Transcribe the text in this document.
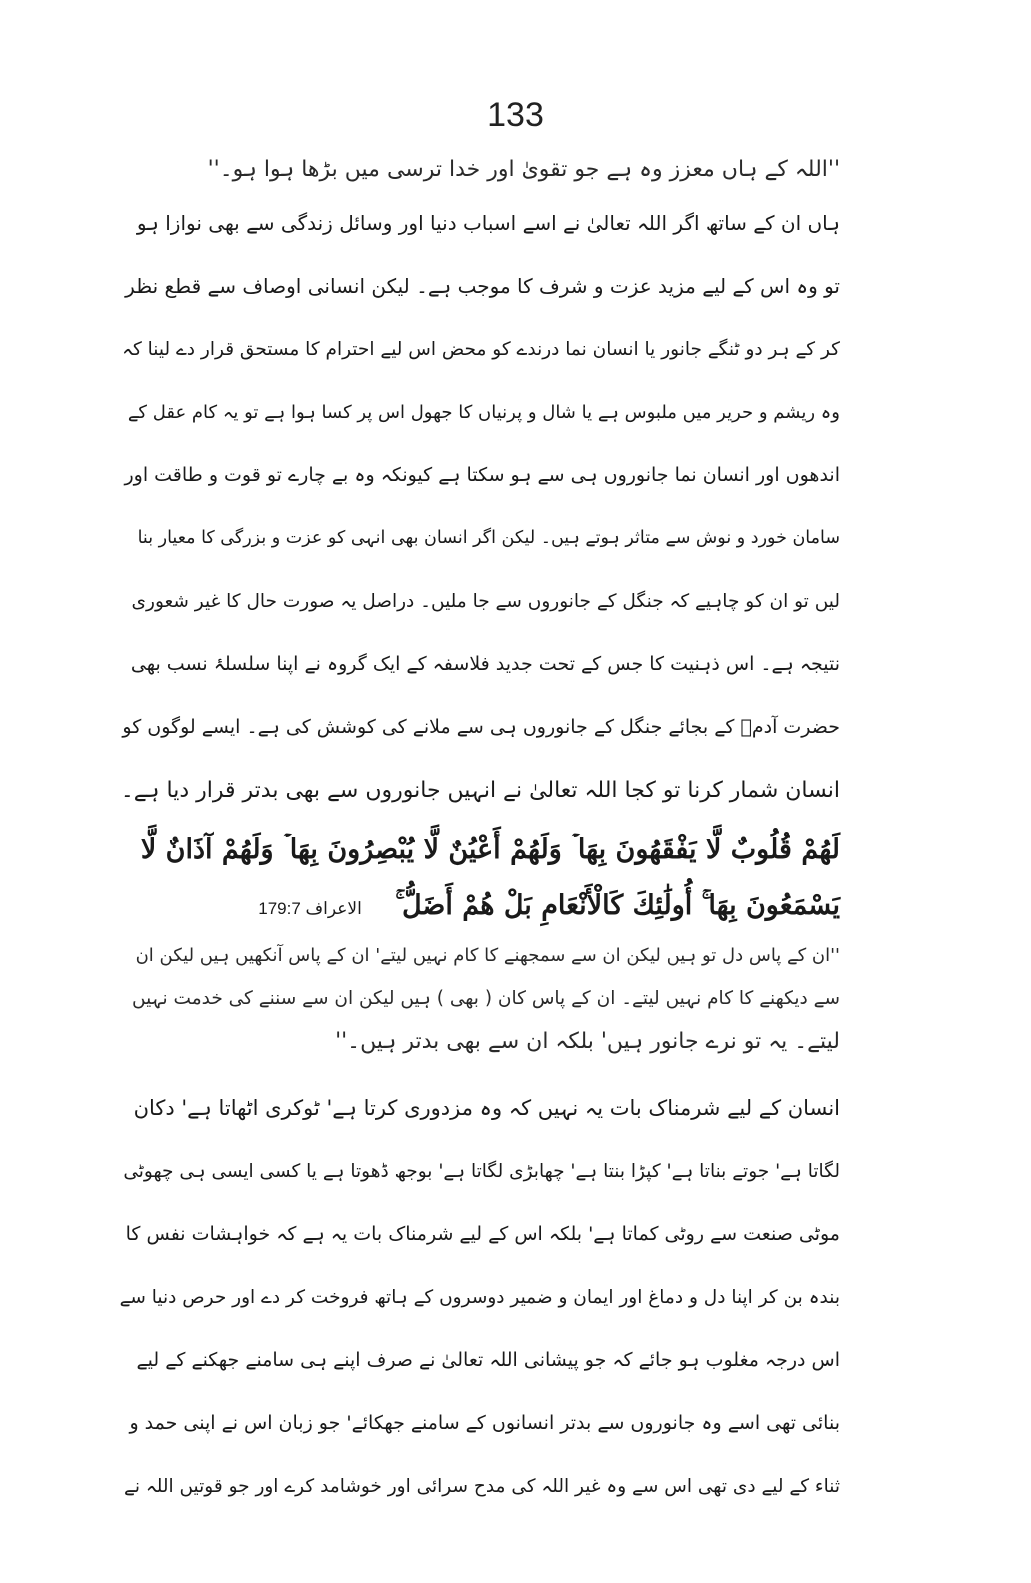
133

''اللہ کے ہاں معزز وہ ہے جو تقویٰ اور خدا ترسی میں بڑھا ہوا ہو۔''

ہاں ان کے ساتھ اگر اللہ تعالیٰ نے اسے اسباب دنیا اور وسائل زندگی سے بھی نوازا ہو

تو وہ اس کے لیے مزید عزت و شرف کا موجب ہے۔ لیکن انسانی اوصاف سے قطع نظر

کر کے ہر دو ٹنگے جانور یا انسان نما درندے کو محض اس لیے احترام کا مستحق قرار دے لینا کہ

وہ ریشم و حریر میں ملبوس ہے یا شال و پرنیاں کا جھول اس پر کسا ہوا ہے تو یہ کام عقل کے

اندھوں اور انسان نما جانوروں ہی سے ہو سکتا ہے کیونکہ وہ بے چارے تو قوت و طاقت اور

سامان خورد و نوش سے متاثر ہوتے ہیں۔ لیکن اگر انسان بھی انہی کو عزت و بزرگی کا معیار بنا

لیں تو ان کو چاہیے کہ جنگل کے جانوروں سے جا ملیں۔ دراصل یہ صورت حال کا غیر شعوری

نتیجہ ہے۔ اس ذہنیت کا جس کے تحت جدید فلاسفہ کے ایک گروہ نے اپنا سلسلۂ نسب بھی

حضرت آدمؑ کے بجائے جنگل کے جانوروں ہی سے ملانے کی کوشش کی ہے۔ ایسے لوگوں کو

انسان شمار کرنا تو کجا اللہ تعالیٰ نے انہیں جانوروں سے بھی بدتر قرار دیا ہے۔

لَهُمْ قُلُوبٌ لَّا يَفْقَهُونَ بِهَا ۡ وَلَهُمْ أَعْيُنٌ لَّا يُبْصِرُونَ بِهَا ۡ وَلَهُمْ آذَانٌ لَّا

يَسْمَعُونَ بِهَا ۚ أُولَٰئِكَ كَالْأَنْعَامِ بَلْ هُمْ أَضَلُّ ۚ الاعراف 179:7

''ان کے پاس دل تو ہیں لیکن ان سے سمجھنے کا کام نہیں لیتے' ان کے پاس آنکھیں ہیں لیکن ان

سے دیکھنے کا کام نہیں لیتے۔ ان کے پاس کان ( بھی ) ہیں لیکن ان سے سننے کی خدمت نہیں

لیتے۔ یہ تو نرے جانور ہیں' بلکہ ان سے بھی بدتر ہیں۔''

انسان کے لیے شرمناک بات یہ نہیں کہ وہ مزدوری کرتا ہے' ٹوکری اٹھاتا ہے' دکان

لگاتا ہے' جوتے بناتا ہے' کپڑا بنتا ہے' چھابڑی لگاتا ہے' بوجھ ڈھوتا ہے یا کسی ایسی ہی چھوٹی

موٹی صنعت سے روٹی کماتا ہے' بلکہ اس کے لیے شرمناک بات یہ ہے کہ خواہشات نفس کا

بندہ بن کر اپنا دل و دماغ اور ایمان و ضمیر دوسروں کے ہاتھ فروخت کر دے اور حرص دنیا سے

اس درجہ مغلوب ہو جائے کہ جو پیشانی اللہ تعالیٰ نے صرف اپنے ہی سامنے جھکنے کے لیے

بنائی تھی اسے وہ جانوروں سے بدتر انسانوں کے سامنے جھکائے' جو زبان اس نے اپنی حمد و

ثناء کے لیے دی تھی اس سے وہ غیر اللہ کی مدح سرائی اور خوشامد کرے اور جو قوتیں اللہ نے
